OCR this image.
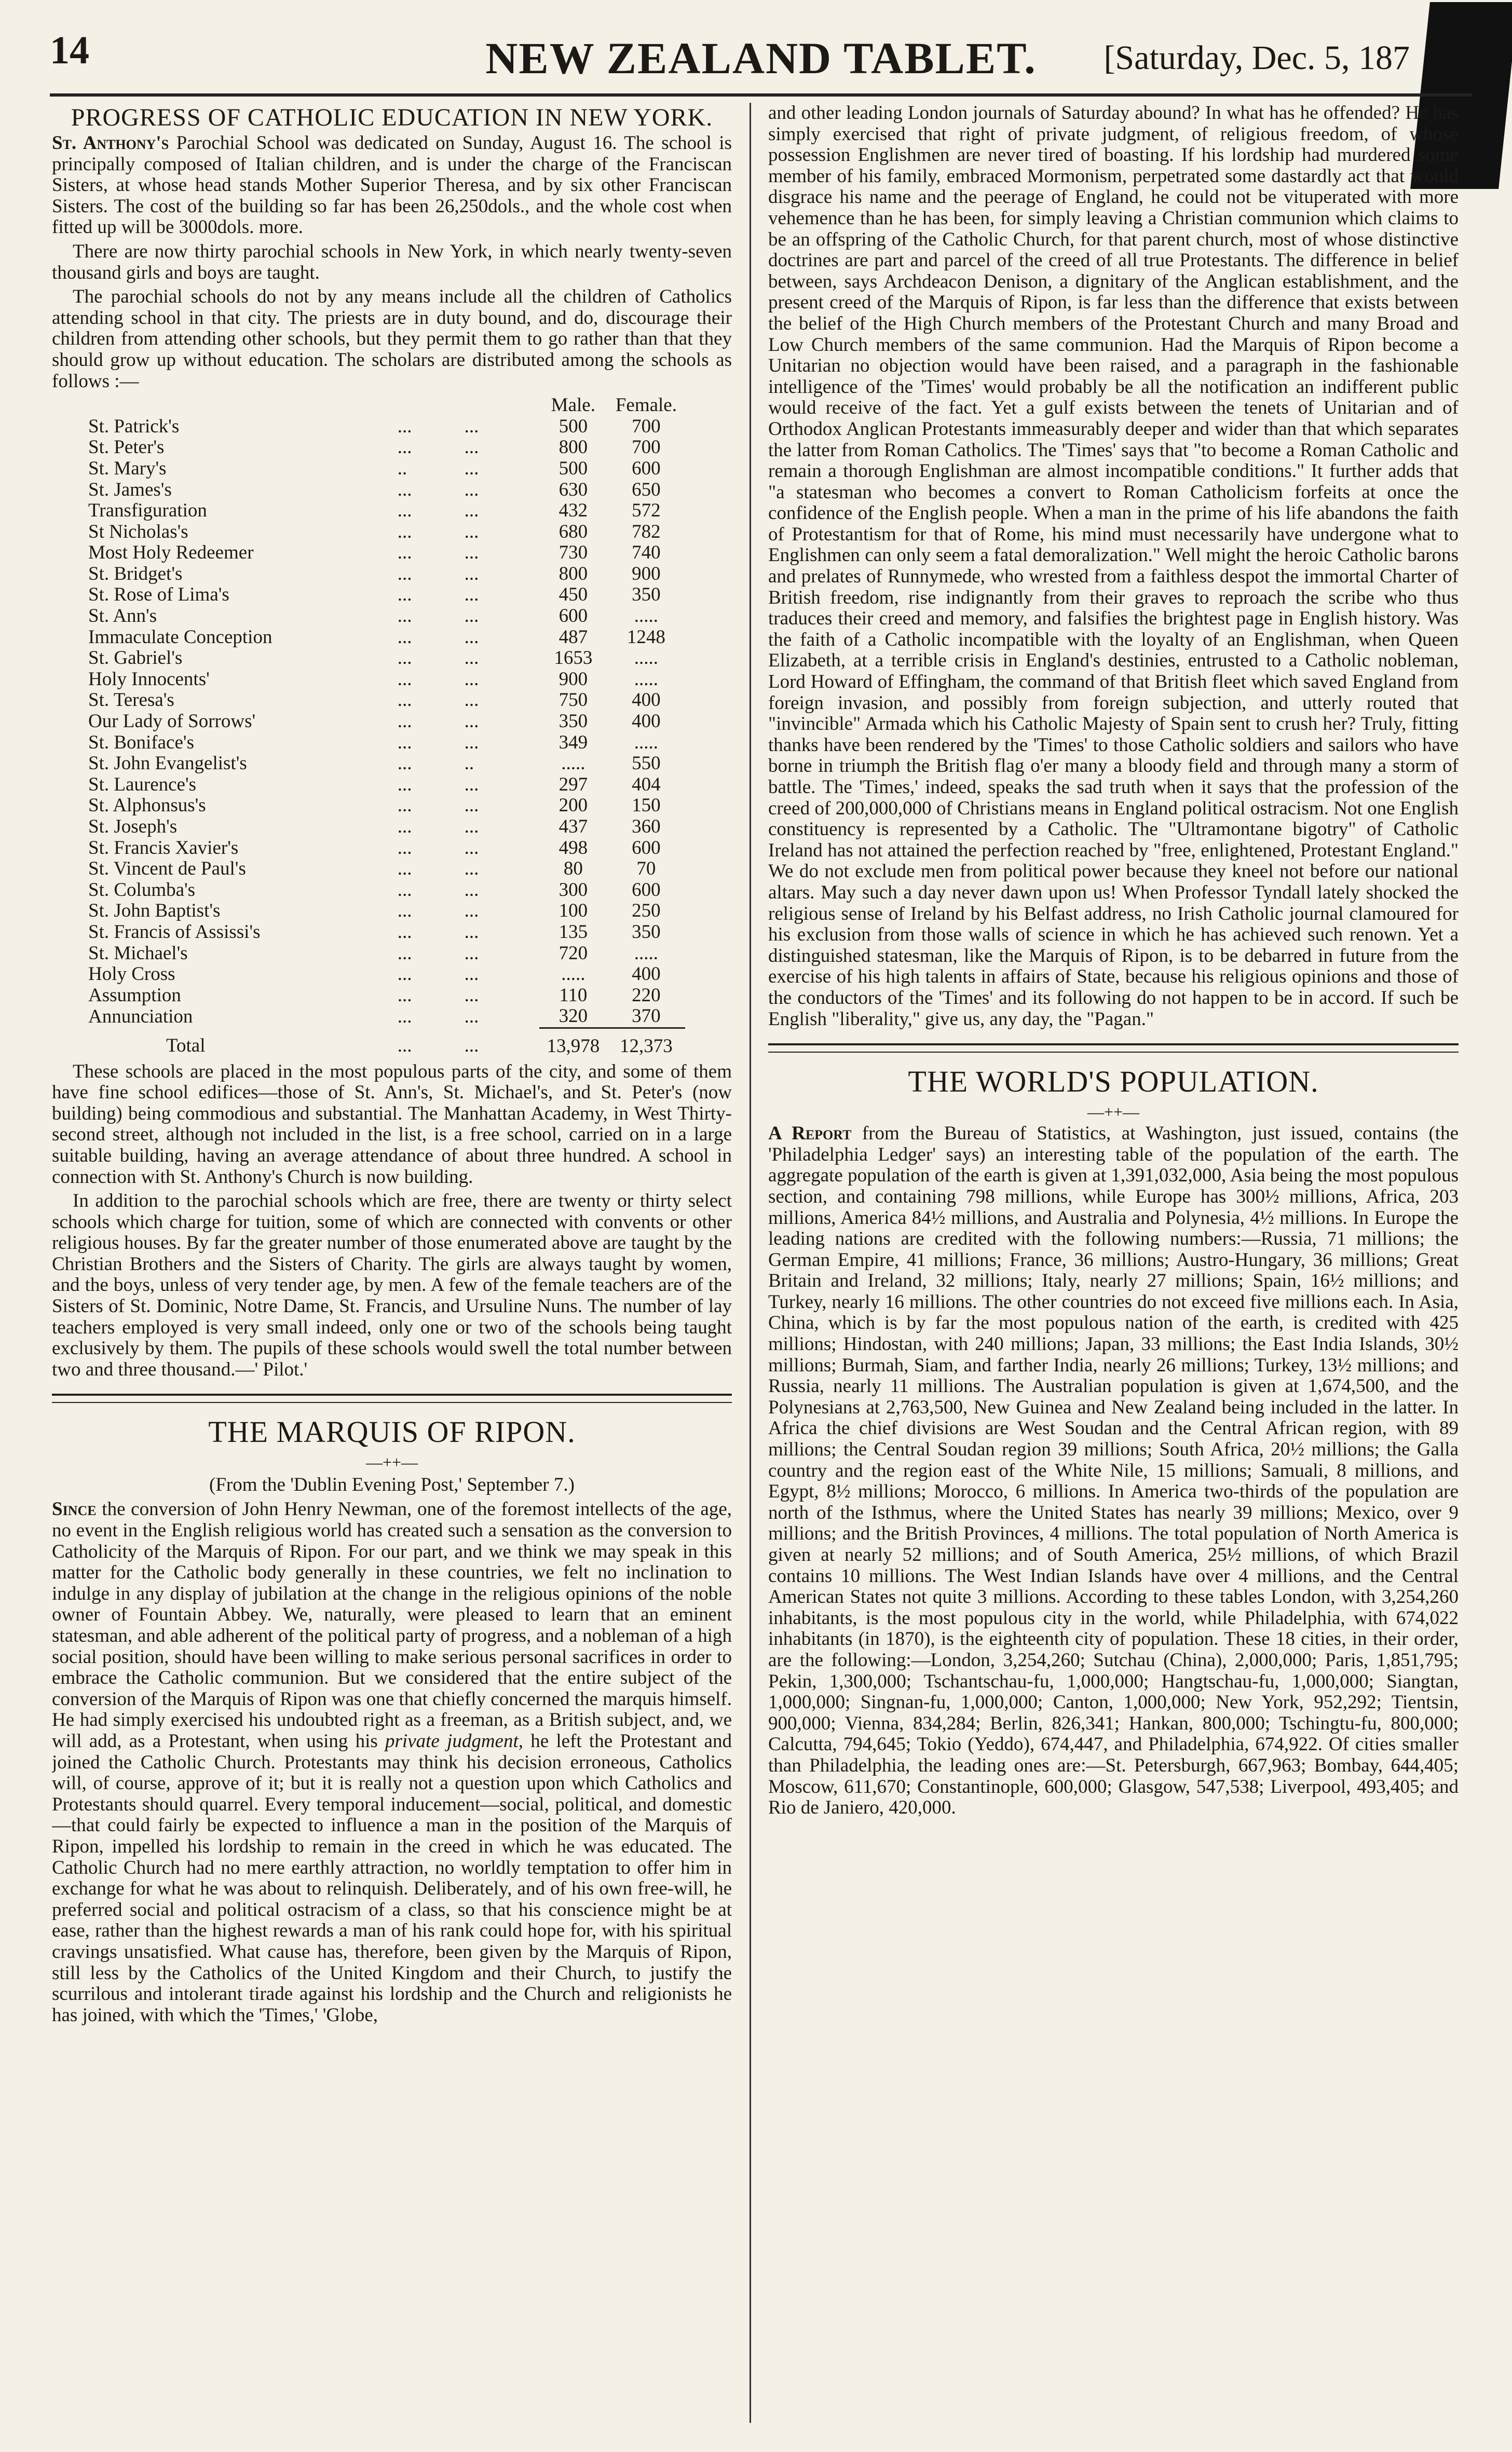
14	NEW ZEALAND TABLET.	[Saturday, Dec. 5, 187
PROGRESS OF CATHOLIC EDUCATION IN NEW YORK.

St. Anthony's Parochial School was dedicated on Sunday, August 16. The school is principally composed of Italian children, and is under the charge of the Franciscan Sisters, at whose head stands Mother Superior Theresa, and by six other Franciscan Sisters. The cost of the building so far has been 26,250dols., and the whole cost when fitted up will be 3000dols. more.

There are now thirty parochial schools in New York, in which nearly twenty-seven thousand girls and boys are taught.

The parochial schools do not by any means include all the children of Catholics attending school in that city. The priests are in duty bound, and do, discourage their children from attending other schools, but they permit them to go rather than that they should grow up without education. The scholars are distributed among the schools as follows :—

			Male.	Female.
St. Patrick's	...	...	500	700
St. Peter's	...	...	800	700
St. Mary's	..	...	500	600
St. James's	...	...	630	650
Transfiguration	...	...	432	572
St Nicholas's	...	...	680	782
Most Holy Redeemer	...	...	730	740
St. Bridget's	...	...	800	900
St. Rose of Lima's	...	...	450	350
St. Ann's	...	...	600	.....
Immaculate Conception	...	...	487	1248
St. Gabriel's	...	...	1653	.....
Holy Innocents'	...	...	900	.....
St. Teresa's	...	...	750	400
Our Lady of Sorrows'	...	...	350	400
St. Boniface's	...	...	349	.....
St. John Evangelist's	...	..	.....	550
St. Laurence's	...	...	297	404
St. Alphonsus's	...	...	200	150
St. Joseph's	...	...	437	360
St. Francis Xavier's	...	...	498	600
St. Vincent de Paul's	...	...	80	70
St. Columba's	...	...	300	600
St. John Baptist's	...	...	100	250
St. Francis of Assissi's	...	...	135	350
St. Michael's	...	...	720	.....
Holy Cross	...	...	.....	400
Assumption	...	...	110	220
Annunciation	...	...	320	370
Total	...	...	13,978	12,373

These schools are placed in the most populous parts of the city, and some of them have fine school edifices—those of St. Ann's, St. Michael's, and St. Peter's (now building) being commodious and substantial. The Manhattan Academy, in West Thirty-second street, although not included in the list, is a free school, carried on in a large suitable building, having an average attendance of about three hundred. A school in connection with St. Anthony's Church is now building.

In addition to the parochial schools which are free, there are twenty or thirty select schools which charge for tuition, some of which are connected with convents or other religious houses. By far the greater number of those enumerated above are taught by the Christian Brothers and the Sisters of Charity. The girls are always taught by women, and the boys, unless of very tender age, by men. A few of the female teachers are of the Sisters of St. Dominic, Notre Dame, St. Francis, and Ursuline Nuns. The number of lay teachers employed is very small indeed, only one or two of the schools being taught exclusively by them. The pupils of these schools would swell the total number between two and three thousand.—' Pilot.'

THE MARQUIS OF RIPON.
—++—
(From the 'Dublin Evening Post,' September 7.)

Since the conversion of John Henry Newman, one of the foremost intellects of the age, no event in the English religious world has created such a sensation as the conversion to Catholicity of the Marquis of Ripon. For our part, and we think we may speak in this matter for the Catholic body generally in these countries, we felt no inclination to indulge in any display of jubilation at the change in the religious opinions of the noble owner of Fountain Abbey. We, naturally, were pleased to learn that an eminent statesman, and able adherent of the political party of progress, and a nobleman of a high social position, should have been willing to make serious personal sacrifices in order to embrace the Catholic communion. But we considered that the entire subject of the conversion of the Marquis of Ripon was one that chiefly concerned the marquis himself. He had simply exercised his undoubted right as a freeman, as a British subject, and, we will add, as a Protestant, when using his private judgment, he left the Protestant and joined the Catholic Church. Protestants may think his decision erroneous, Catholics will, of course, approve of it; but it is really not a question upon which Catholics and Protestants should quarrel. Every temporal inducement—social, political, and domestic—that could fairly be expected to influence a man in the position of the Marquis of Ripon, impelled his lordship to remain in the creed in which he was educated. The Catholic Church had no mere earthly attraction, no worldly temptation to offer him in exchange for what he was about to relinquish. Deliberately, and of his own free-will, he preferred social and political ostracism of a class, so that his conscience might be at ease, rather than the highest rewards a man of his rank could hope for, with his spiritual cravings unsatisfied. What cause has, therefore, been given by the Marquis of Ripon, still less by the Catholics of the United Kingdom and their Church, to justify the scurrilous and intolerant tirade against his lordship and the Church and religionists he has joined, with which the 'Times,' 'Globe,

and other leading London journals of Saturday abound? In what has he offended? He has simply exercised that right of private judgment, of religious freedom, of whose possession Englishmen are never tired of boasting. If his lordship had murdered some member of his family, embraced Mormonism, perpetrated some dastardly act that would disgrace his name and the peerage of England, he could not be vituperated with more vehemence than he has been, for simply leaving a Christian communion which claims to be an offspring of the Catholic Church, for that parent church, most of whose distinctive doctrines are part and parcel of the creed of all true Protestants. The difference in belief between, says Archdeacon Denison, a dignitary of the Anglican establishment, and the present creed of the Marquis of Ripon, is far less than the difference that exists between the belief of the High Church members of the Protestant Church and many Broad and Low Church members of the same communion. Had the Marquis of Ripon become a Unitarian no objection would have been raised, and a paragraph in the fashionable intelligence of the 'Times' would probably be all the notification an indifferent public would receive of the fact. Yet a gulf exists between the tenets of Unitarian and of Orthodox Anglican Protestants immeasurably deeper and wider than that which separates the latter from Roman Catholics. The 'Times' says that "to become a Roman Catholic and remain a thorough Englishman are almost incompatible conditions." It further adds that "a statesman who becomes a convert to Roman Catholicism forfeits at once the confidence of the English people. When a man in the prime of his life abandons the faith of Protestantism for that of Rome, his mind must necessarily have undergone what to Englishmen can only seem a fatal demoralization." Well might the heroic Catholic barons and prelates of Runnymede, who wrested from a faithless despot the immortal Charter of British freedom, rise indignantly from their graves to reproach the scribe who thus traduces their creed and memory, and falsifies the brightest page in English history. Was the faith of a Catholic incompatible with the loyalty of an Englishman, when Queen Elizabeth, at a terrible crisis in England's destinies, entrusted to a Catholic nobleman, Lord Howard of Effingham, the command of that British fleet which saved England from foreign invasion, and possibly from foreign subjection, and utterly routed that "invincible" Armada which his Catholic Majesty of Spain sent to crush her? Truly, fitting thanks have been rendered by the 'Times' to those Catholic soldiers and sailors who have borne in triumph the British flag o'er many a bloody field and through many a storm of battle. The 'Times,' indeed, speaks the sad truth when it says that the profession of the creed of 200,000,000 of Christians means in England political ostracism. Not one English constituency is represented by a Catholic. The "Ultramontane bigotry" of Catholic Ireland has not attained the perfection reached by "free, enlightened, Protestant England." We do not exclude men from political power because they kneel not before our national altars. May such a day never dawn upon us! When Professor Tyndall lately shocked the religious sense of Ireland by his Belfast address, no Irish Catholic journal clamoured for his exclusion from those walls of science in which he has achieved such renown. Yet a distinguished statesman, like the Marquis of Ripon, is to be debarred in future from the exercise of his high talents in affairs of State, because his religious opinions and those of the conductors of the 'Times' and its following do not happen to be in accord. If such be English "liberality," give us, any day, the "Pagan."

THE WORLD'S POPULATION.
—++—

A Report from the Bureau of Statistics, at Washington, just issued, contains (the 'Philadelphia Ledger' says) an interesting table of the population of the earth. The aggregate population of the earth is given at 1,391,032,000, Asia being the most populous section, and containing 798 millions, while Europe has 300½ millions, Africa, 203 millions, America 84½ millions, and Australia and Polynesia, 4½ millions. In Europe the leading nations are credited with the following numbers:—Russia, 71 millions; the German Empire, 41 millions; France, 36 millions; Austro-Hungary, 36 millions; Great Britain and Ireland, 32 millions; Italy, nearly 27 millions; Spain, 16½ millions; and Turkey, nearly 16 millions. The other countries do not exceed five millions each. In Asia, China, which is by far the most populous nation of the earth, is credited with 425 millions; Hindostan, with 240 millions; Japan, 33 millions; the East India Islands, 30½ millions; Burmah, Siam, and farther India, nearly 26 millions; Turkey, 13½ millions; and Russia, nearly 11 millions. The Australian population is given at 1,674,500, and the Polynesians at 2,763,500, New Guinea and New Zealand being included in the latter. In Africa the chief divisions are West Soudan and the Central African region, with 89 millions; the Central Soudan region 39 millions; South Africa, 20½ millions; the Galla country and the region east of the White Nile, 15 millions; Samuali, 8 millions, and Egypt, 8½ millions; Morocco, 6 millions. In America two-thirds of the population are north of the Isthmus, where the United States has nearly 39 millions; Mexico, over 9 millions; and the British Provinces, 4 millions. The total population of North America is given at nearly 52 millions; and of South America, 25½ millions, of which Brazil contains 10 millions. The West Indian Islands have over 4 millions, and the Central American States not quite 3 millions. According to these tables London, with 3,254,260 inhabitants, is the most populous city in the world, while Philadelphia, with 674,022 inhabitants (in 1870), is the eighteenth city of population. These 18 cities, in their order, are the following:—London, 3,254,260; Sutchau (China), 2,000,000; Paris, 1,851,795; Pekin, 1,300,000; Tschantschau-fu, 1,000,000; Hangtschau-fu, 1,000,000; Siangtan, 1,000,000; Singnan-fu, 1,000,000; Canton, 1,000,000; New York, 952,292; Tientsin, 900,000; Vienna, 834,284; Berlin, 826,341; Hankan, 800,000; Tschingtu-fu, 800,000; Calcutta, 794,645; Tokio (Yeddo), 674,447, and Philadelphia, 674,922. Of cities smaller than Philadelphia, the leading ones are:—St. Petersburgh, 667,963; Bombay, 644,405; Moscow, 611,670; Constantinople, 600,000; Glasgow, 547,538; Liverpool, 493,405; and Rio de Janiero, 420,000.
